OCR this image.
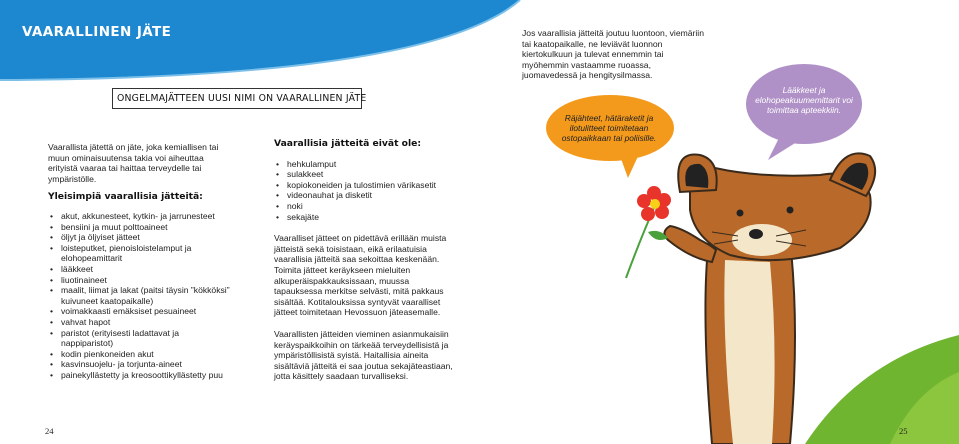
VAARALLINEN JÄTE
ONGELMAJÄTTEEN UUSI NIMI ON VAARALLINEN JÄTE

Vaarallista jätettä on jäte, joka kemiallisen tai muun ominaisuutensa takia voi aiheuttaa erityistä vaaraa tai haittaa terveydelle tai ympäristölle.

Yleisimpiä vaarallisia jätteitä:

• akut, akkunesteet, kytkin- ja jarrunesteet
• bensiini ja muut polttoaineet
• öljyt ja öljyiset jätteet
• loisteputket, pienoisloistelamput ja elohopeamittarit
• lääkkeet
• liuotinaineet
• maalit, liimat ja lakat (paitsi täysin ”kökköksi” kuivuneet kaatopaikalle)
• voimakkaasti emäksiset pesuaineet
• vahvat hapot
• paristot (erityisesti ladattavat ja nappiparistot)
• kodin pienkoneiden akut
• kasvinsuojelu- ja torjunta-aineet
• painekyllästetty ja kreosoottikyllästetty puu

Vaarallisia jätteitä eivät ole:

• hehkulamput
• sulakkeet
• kopiokoneiden ja tulostimien värikasetit
• videonauhat ja disketit
• noki
• sekajäte

Vaaralliset jätteet on pidettävä erillään muista jätteistä sekä toisistaan, eikä erilaatuisia vaarallisia jätteitä saa sekoittaa keskenään. Toimita jätteet keräykseen mieluiten alkuperäispakkauksissaan, muussa tapauksessa merkitse selvästi, mitä pakkaus sisältää. Kotitalouksissa syntyvät vaaralliset jätteet toimitetaan Hevossuon jäteasemalle.

Vaarallisten jätteiden vieminen asianmukaisiin keräyspaikkoihin on tärkeää terveydellisistä ja ympäristöllisistä syistä. Haitallisia aineita sisältäviä jätteitä ei saa joutua sekajäteastiaan, jotta käsittely saadaan turvalliseksi.

Jos vaarallisia jätteitä joutuu luontoon, viemäriin tai kaatopaikalle, ne leviävät luonnon kiertokulkuun ja tulevat ennemmin tai myöhemmin vastaamme ruoassa, juomavedessä ja hengitysilmassa.

Räjähteet, hätäraketit ja ilotulitteet toimitetaan ostopaikkaan tai poliisille.
Lääkkeet ja elohopeakuumemittarit voi toimittaa apteekkiin.
24	25
